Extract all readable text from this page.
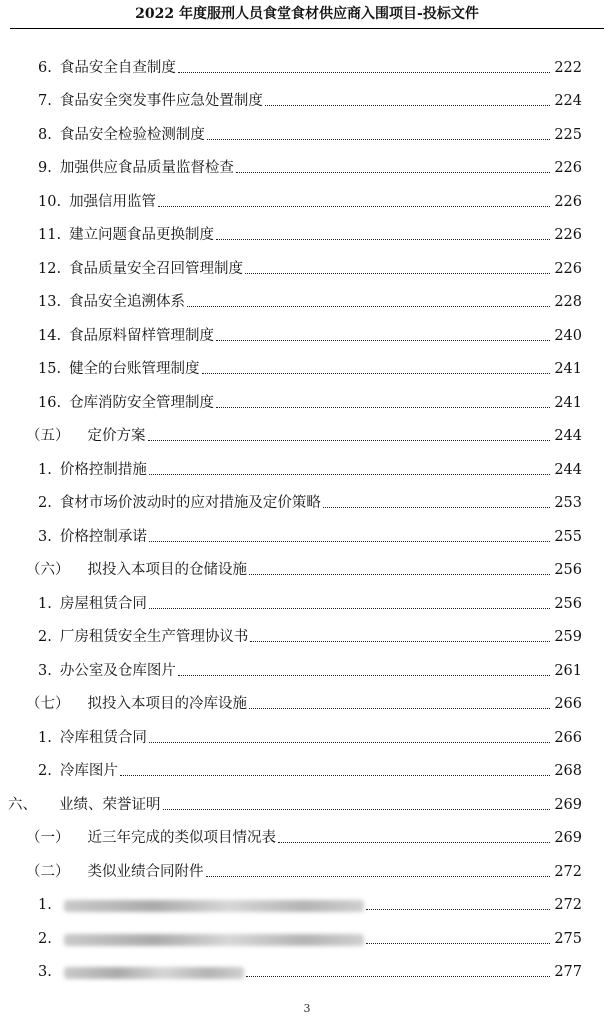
2022 年度服刑人员食堂食材供应商入围项目-投标文件
6. 食品安全自查制度	222
7. 食品安全突发事件应急处置制度	224
8. 食品安全检验检测制度	225
9. 加强供应食品质量监督检查	226
10. 加强信用监管	226
11. 建立问题食品更换制度	226
12. 食品质量安全召回管理制度	226
13. 食品安全追溯体系	228
14. 食品原料留样管理制度	240
15. 健全的台账管理制度	241
16. 仓库消防安全管理制度	241
（五） 定价方案	244
1. 价格控制措施	244
2. 食材市场价波动时的应对措施及定价策略	253
3. 价格控制承诺	255
（六） 拟投入本项目的仓储设施	256
1. 房屋租赁合同	256
2. 厂房租赁安全生产管理协议书	259
3. 办公室及仓库图片	261
（七） 拟投入本项目的冷库设施	266
1. 冷库租赁合同	266
2. 冷库图片	268
六、 业绩、荣誉证明	269
（一） 近三年完成的类似项目情况表	269
（二） 类似业绩合同附件	272
1.	272
2.	275
3.	277
3
